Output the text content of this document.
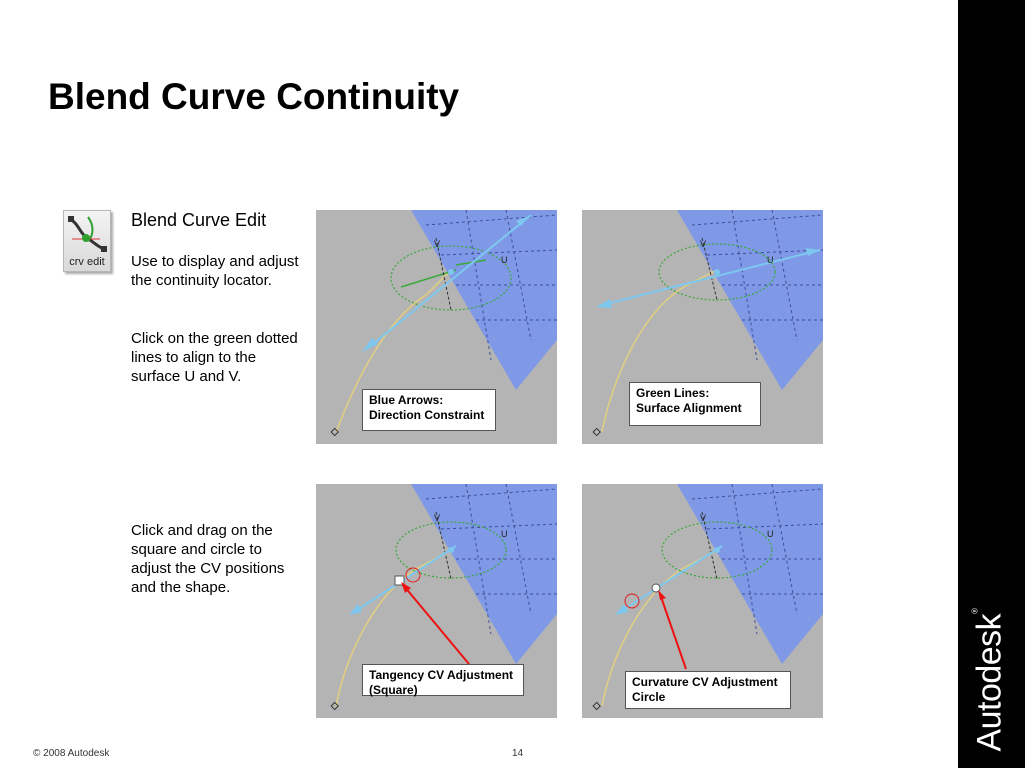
Autodesk®
Blend Curve Continuity
crv edit
Blend Curve Edit
Use to display and adjust the continuity locator.
Click on the green dotted lines to align to the surface U and V.
Click and drag on the square and circle to adjust the CV positions and the shape.
V
U
Blue Arrows: Direction Constraint
V
U
Green Lines: Surface Alignment
V
U
Tangency CV Adjustment (Square)
V
U
Curvature CV Adjustment Circle
© 2008 Autodesk	14
